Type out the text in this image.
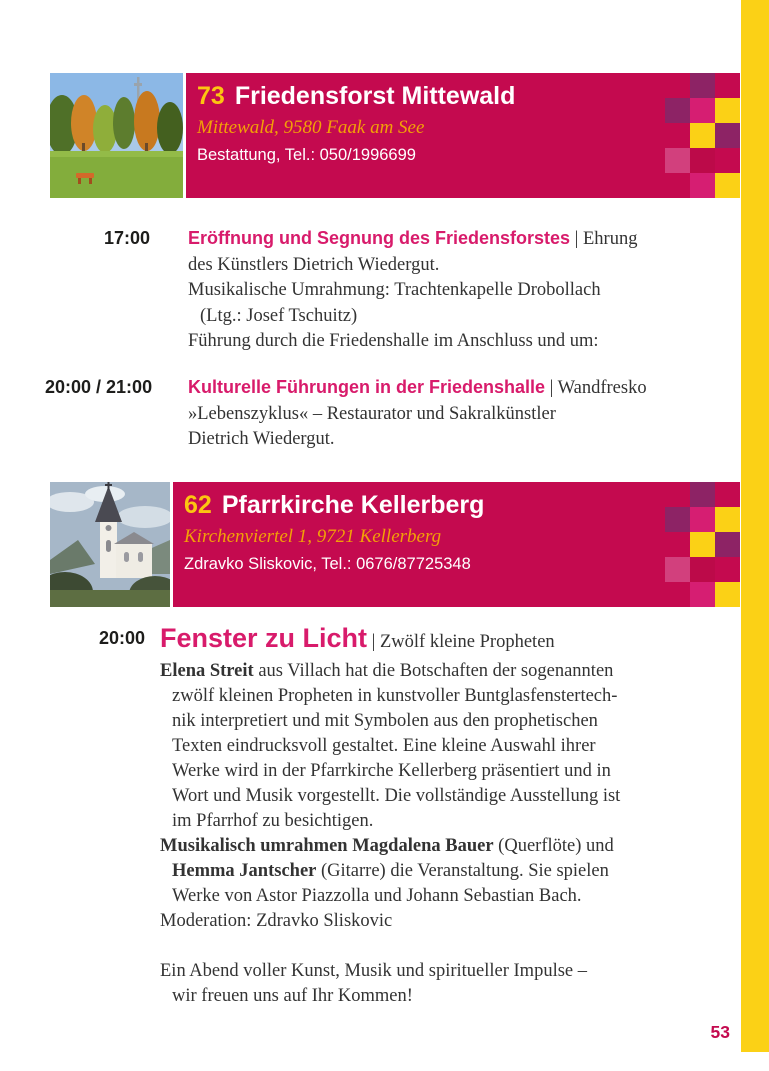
73 Friedensforst Mittewald
Mittewald, 9580 Faak am See
Bestattung, Tel.: 050/1996699
17:00 Eröffnung und Segnung des Friedensforstes | Ehrung
des Künstlers Dietrich Wiedergut.
Musikalische Umrahmung: Trachtenkapelle Drobollach
(Ltg.: Josef Tschuitz)
Führung durch die Friedenshalle im Anschluss und um:
20:00 / 21:00 Kulturelle Führungen in der Friedenshalle | Wandfresko
»Lebenszyklus« – Restaurator und Sakralkünstler
Dietrich Wiedergut.
62 Pfarrkirche Kellerberg
Kirchenviertel 1, 9721 Kellerberg
Zdravko Sliskovic, Tel.: 0676/87725348
20:00 Fenster zu Licht | Zwölf kleine Propheten
Elena Streit aus Villach hat die Botschaften der sogenannten
zwölf kleinen Propheten in kunstvoller Buntglasfenstertech-
nik interpretiert und mit Symbolen aus den prophetischen
Texten eindrucksvoll gestaltet. Eine kleine Auswahl ihrer
Werke wird in der Pfarrkirche Kellerberg präsentiert und in
Wort und Musik vorgestellt. Die vollständige Ausstellung ist
im Pfarrhof zu besichtigen.
Musikalisch umrahmen Magdalena Bauer (Querflöte) und
Hemma Jantscher (Gitarre) die Veranstaltung. Sie spielen
Werke von Astor Piazzolla und Johann Sebastian Bach.
Moderation: Zdravko Sliskovic

Ein Abend voller Kunst, Musik und spiritueller Impulse –
wir freuen uns auf Ihr Kommen!
53
